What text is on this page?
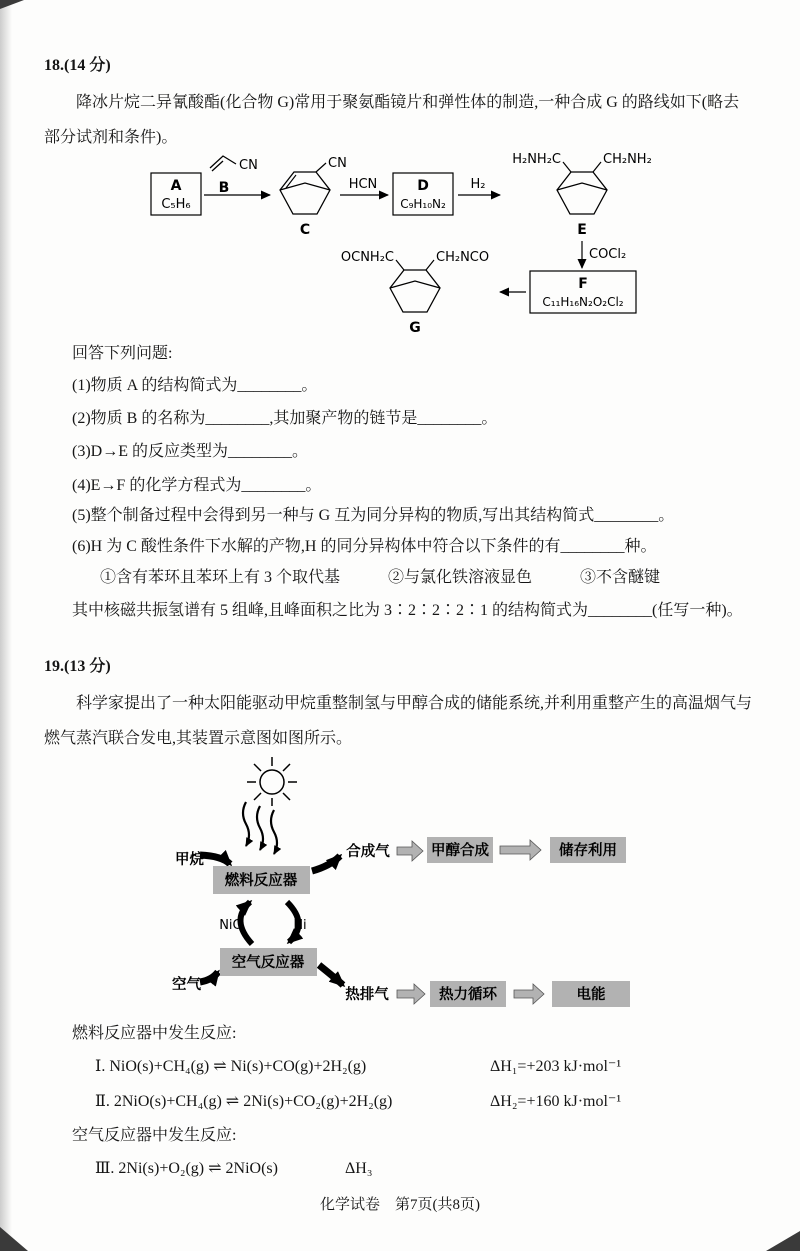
18.(14 分)
降冰片烷二异氰酸酯(化合物 G)常用于聚氨酯镜片和弹性体的制造,一种合成 G 的路线如下(略去
部分试剂和条件)。
A
C₅H₆
CN
B
CN
C
HCN	D
C₉H₁₀N₂
H₂
H₂NH₂C	CH₂NH₂
E
COCl₂
F
C₁₁H₁₆N₂O₂Cl₂
OCNH₂C	CH₂NCO
G
回答下列问题:
(1)物质 A 的结构简式为________。
(2)物质 B 的名称为________,其加聚产物的链节是________。
(3)D→E 的反应类型为________。
(4)E→F 的化学方程式为________。
(5)整个制备过程中会得到另一种与 G 互为同分异构的物质,写出其结构简式________。
(6)H 为 C 酸性条件下水解的产物,H 的同分异构体中符合以下条件的有________种。
①含有苯环且苯环上有 3 个取代基　　　②与氯化铁溶液显色　　　③不含醚键
其中核磁共振氢谱有 5 组峰,且峰面积之比为 3∶2∶2∶2∶1 的结构简式为________(任写一种)。
19.(13 分)
科学家提出了一种太阳能驱动甲烷重整制氢与甲醇合成的储能系统,并利用重整产生的高温烟气与
燃气蒸汽联合发电,其装置示意图如图所示。
甲烷
空气
燃料反应器
空气反应器
NiO	Ni
合成气	甲醇合成	储存利用
热排气	热力循环	电能
燃料反应器中发生反应:
Ⅰ. NiO(s)+CH₄(g) ⇌ Ni(s)+CO(g)+2H₂(g)	ΔH₁=+203 kJ·mol⁻¹
Ⅱ. 2NiO(s)+CH₄(g) ⇌ 2Ni(s)+CO₂(g)+2H₂(g)	ΔH₂=+160 kJ·mol⁻¹
空气反应器中发生反应:
Ⅲ. 2Ni(s)+O₂(g) ⇌ 2NiO(s)	ΔH₃
化学试卷　第7页(共8页)
